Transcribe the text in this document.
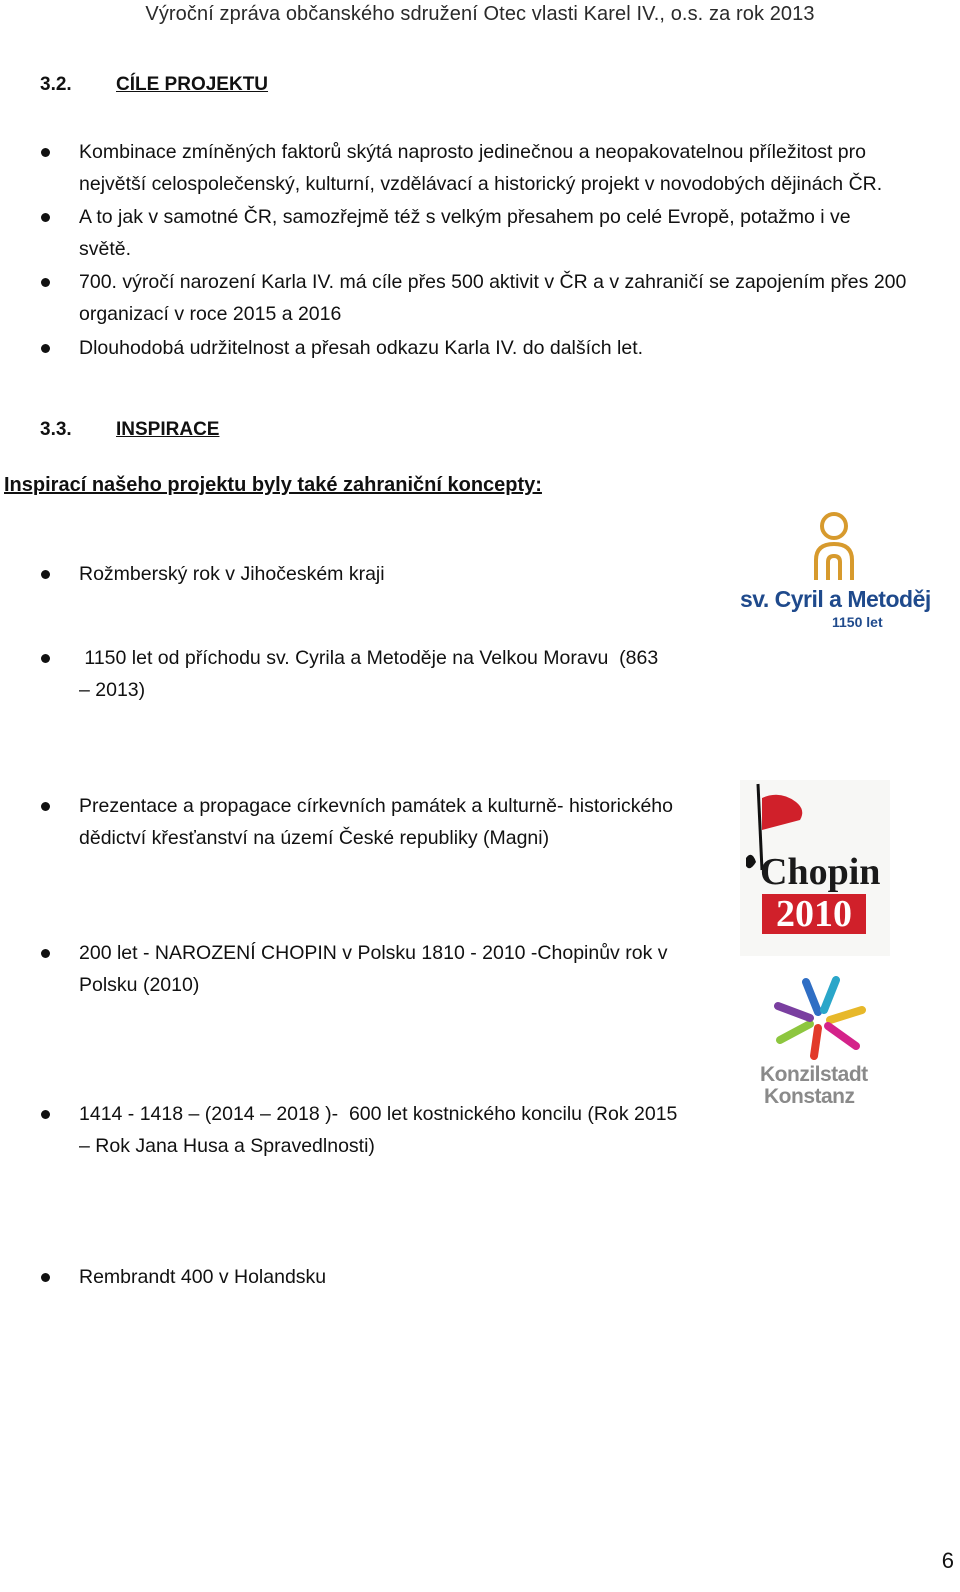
Výroční zpráva občanského sdružení Otec vlasti Karel IV., o.s. za rok 2013
3.2. CÍLE PROJEKTU
Kombinace zmíněných faktorů skýtá naprosto jedinečnou a neopakovatelnou příležitost pro
největší celospolečenský, kulturní, vzdělávací a historický projekt v novodobých dějinách ČR.
A to jak v samotné ČR, samozřejmě též s velkým přesahem po celé Evropě, potažmo i ve
světě.
700. výročí narození Karla IV. má cíle přes 500 aktivit v ČR a v zahraničí se zapojením přes 200
organizací v roce 2015 a 2016
Dlouhodobá udržitelnost a přesah odkazu Karla IV. do dalších let.
3.3. INSPIRACE
Inspirací našeho projektu byly také zahraniční koncepty:
Rožmberský rok v Jihočeském kraji
1150 let od příchodu sv. Cyrila a Metoděje na Velkou Moravu  (863
– 2013)
Prezentace a propagace církevních památek a kulturně- historického
dědictví křesťanství na území České republiky (Magni)
200 let - NAROZENÍ CHOPIN v Polsku 1810 - 2010 -Chopinův rok v
Polsku (2010)
1414 - 1418 – (2014 – 2018 )-  600 let kostnického koncilu (Rok 2015
– Rok Jana Husa a Spravedlnosti)
Rembrandt 400 v Holandsku
sv. Cyril a Metoděj
1150 let
Chopin
2010
Konzilstadt
Konstanz
6
